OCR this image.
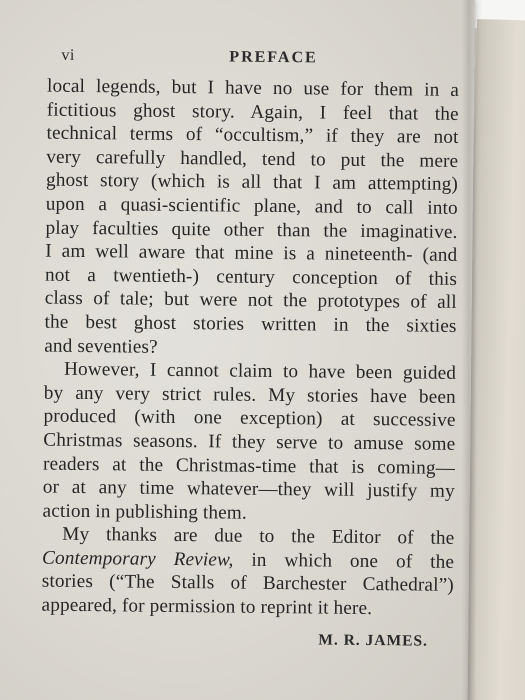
vi	PREFACE
local legends, but I have no use for them in a
fictitious ghost story. Again, I feel that the
technical terms of “occultism,” if they are not
very carefully handled, tend to put the mere
ghost story (which is all that I am attempting)
upon a quasi-scientific plane, and to call into
play faculties quite other than the imaginative.
I am well aware that mine is a nineteenth- (and
not a twentieth-) century conception of this
class of tale; but were not the prototypes of all
the best ghost stories written in the sixties
and seventies?
However, I cannot claim to have been guided
by any very strict rules. My stories have been
produced (with one exception) at successive
Christmas seasons. If they serve to amuse some
readers at the Christmas-time that is coming—
or at any time whatever—they will justify my
action in publishing them.
My thanks are due to the Editor of the
Contemporary Review, in which one of the
stories (“The Stalls of Barchester Cathedral”)
appeared, for permission to reprint it here.
M. R. JAMES.
